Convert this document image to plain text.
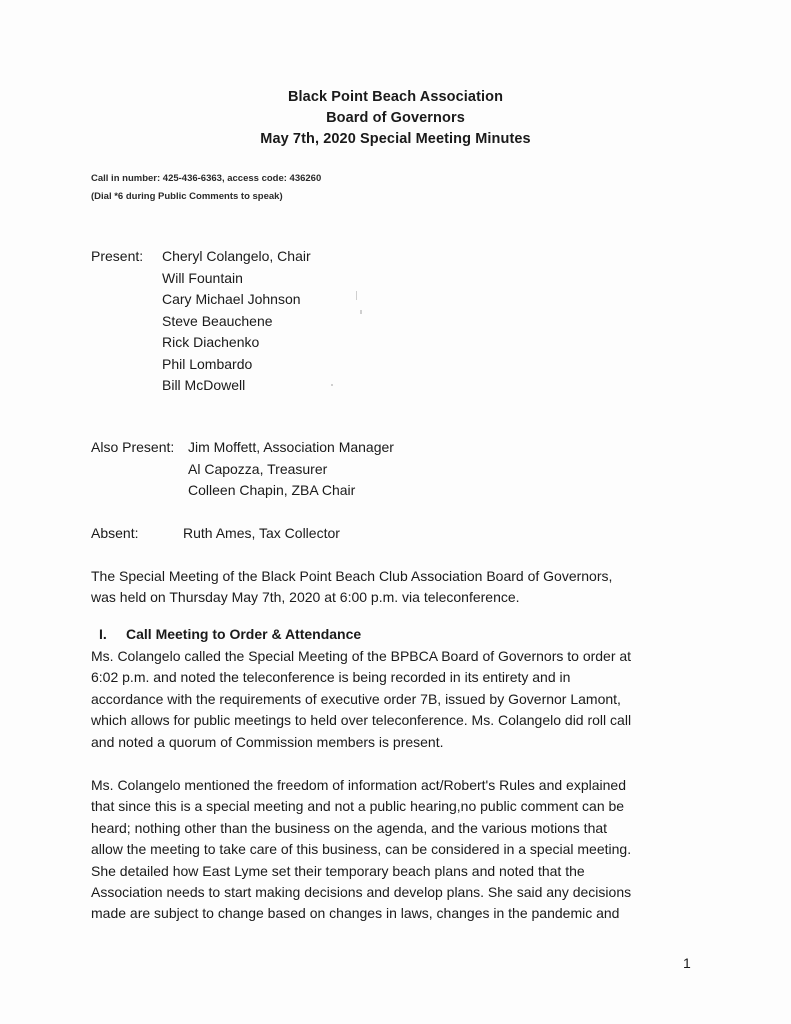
Black Point Beach Association
Board of Governors
May 7th, 2020 Special Meeting Minutes
Call in number: 425-436-6363, access code: 436260
(Dial *6 during Public Comments to speak)
Present: Cheryl Colangelo, Chair
Will Fountain
Cary Michael Johnson
Steve Beauchene
Rick Diachenko
Phil Lombardo
Bill McDowell
Also Present: Jim Moffett, Association Manager
Al Capozza, Treasurer
Colleen Chapin, ZBA Chair
Absent:	Ruth Ames, Tax Collector
The Special Meeting of the Black Point Beach Club Association Board of Governors,
was held on Thursday May 7th, 2020 at 6:00 p.m. via teleconference.
I. Call Meeting to Order & Attendance
Ms. Colangelo called the Special Meeting of the BPBCA Board of Governors to order at
6:02 p.m. and noted the teleconference is being recorded in its entirety and in
accordance with the requirements of executive order 7B, issued by Governor Lamont,
which allows for public meetings to held over teleconference. Ms. Colangelo did roll call
and noted a quorum of Commission members is present.
Ms. Colangelo mentioned the freedom of information act/Robert's Rules and explained
that since this is a special meeting and not a public hearing,no public comment can be
heard; nothing other than the business on the agenda, and the various motions that
allow the meeting to take care of this business, can be considered in a special meeting.
She detailed how East Lyme set their temporary beach plans and noted that the
Association needs to start making decisions and develop plans. She said any decisions
made are subject to change based on changes in laws, changes in the pandemic and
1
